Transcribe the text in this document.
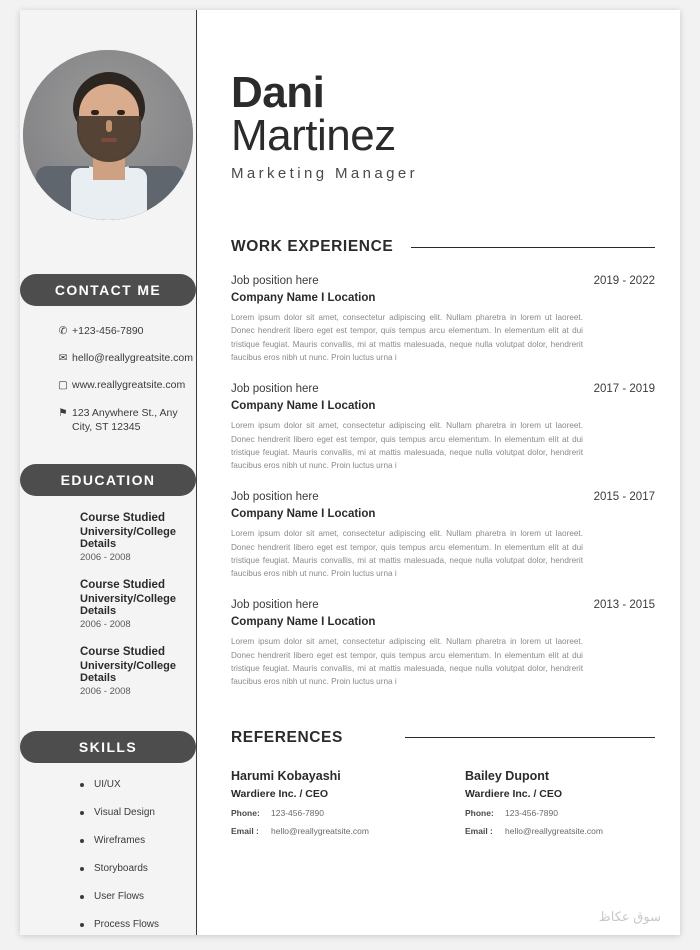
CONTACT ME
✆ +123-456-7890
✉ hello@reallygreatsite.com
▢ www.reallygreatsite.com
⚑ 123 Anywhere St., Any City, ST 12345
EDUCATION
Course Studied
University/College Details
2006 - 2008
Course Studied
University/College Details
2006 - 2008
Course Studied
University/College Details
2006 - 2008
SKILLS
UI/UX
Visual Design
Wireframes
Storyboards
User Flows
Process Flows
Dani
Martinez
Marketing Manager
WORK EXPERIENCE
Job position here	2019 - 2022
Company Name I Location
Lorem ipsum dolor sit amet, consectetur adipiscing elit. Nullam pharetra in lorem ut laoreet. Donec hendrerit libero eget est tempor, quis tempus arcu elementum. In elementum elit at dui tristique feugiat. Mauris convallis, mi at mattis malesuada, neque nulla volutpat dolor, hendrerit faucibus eros nibh ut nunc. Proin luctus urna i
Job position here	2017 - 2019
Company Name I Location
Lorem ipsum dolor sit amet, consectetur adipiscing elit. Nullam pharetra in lorem ut laoreet. Donec hendrerit libero eget est tempor, quis tempus arcu elementum. In elementum elit at dui tristique feugiat. Mauris convallis, mi at mattis malesuada, neque nulla volutpat dolor, hendrerit faucibus eros nibh ut nunc. Proin luctus urna i
Job position here	2015 - 2017
Company Name I Location
Lorem ipsum dolor sit amet, consectetur adipiscing elit. Nullam pharetra in lorem ut laoreet. Donec hendrerit libero eget est tempor, quis tempus arcu elementum. In elementum elit at dui tristique feugiat. Mauris convallis, mi at mattis malesuada, neque nulla volutpat dolor, hendrerit faucibus eros nibh ut nunc. Proin luctus urna i
Job position here	2013 - 2015
Company Name I Location
Lorem ipsum dolor sit amet, consectetur adipiscing elit. Nullam pharetra in lorem ut laoreet. Donec hendrerit libero eget est tempor, quis tempus arcu elementum. In elementum elit at dui tristique feugiat. Mauris convallis, mi at mattis malesuada, neque nulla volutpat dolor, hendrerit faucibus eros nibh ut nunc. Proin luctus urna i
REFERENCES
Harumi Kobayashi
Wardiere Inc. / CEO
Phone:	123-456-7890
Email :	hello@reallygreatsite.com
Bailey Dupont
Wardiere Inc. / CEO
Phone:	123-456-7890
Email :	hello@reallygreatsite.com
سوق عكاظ
